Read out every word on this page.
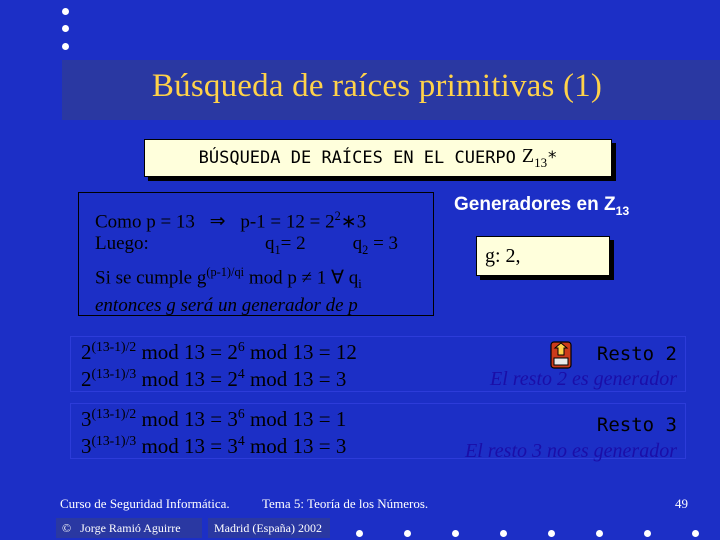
Búsqueda de raíces primitivas (1)
BÚSQUEDA DE RAÍCES EN EL CUERPO $Z_{13}$ *
Como p = 13 ⇒ $p-1 = 12 = 2^2∗3$
Luego:	$q_1= 2$ $q_2 = 3$
Si se cumple $g^{(p-1)/qi}$ mod p ≠ 1 ∀ $q_i$
entonces g será un generador de p
Generadores en $Z_{13}$
g: 2,
$2^{(13-1)/2}$ mod $13 = 2^6$ mod 13 = 12
$2^{(13-1)/3}$ mod $13 = 2^4$ mod 13 = 3
Resto 2
El resto 2 es generador
$3^{(13-1)/2}$ mod $13 = 3^6$ mod 13 = 1
$3^{(13-1)/3}$ mod $13 = 3^4$ mod 13 = 3
Resto 3
El resto 3 no es generador
Curso de Seguridad Informática. Tema 5: Teoría de los Números.	49
© Jorge Ramió Aguirre	Madrid (España) 2002
